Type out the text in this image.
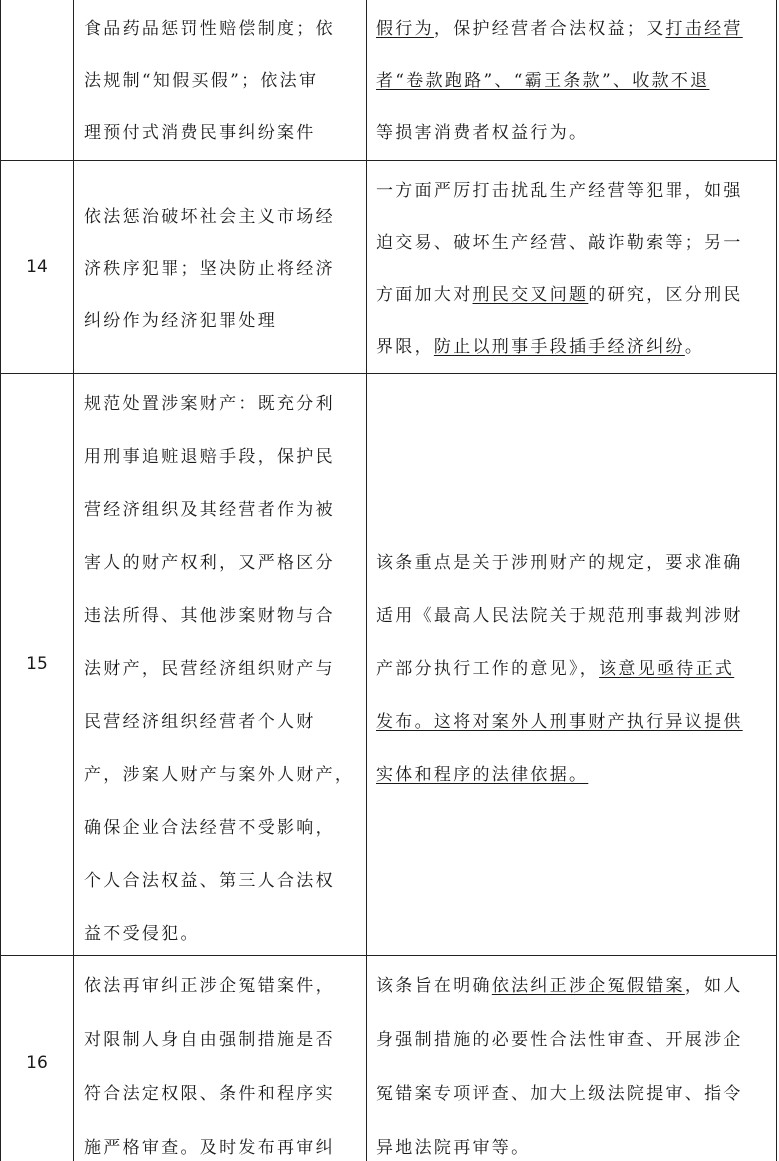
食品药品惩罚性赔偿制度；依
法规制“知假买假”；依法审
理预付式消费民事纠纷案件
假行为，保护经营者合法权益；又打击经营
者“卷款跑路”、“霸王条款”、收款不退
等损害消费者权益行为。
14
依法惩治破坏社会主义市场经
济秩序犯罪；坚决防止将经济
纠纷作为经济犯罪处理
一方面严厉打击扰乱生产经营等犯罪，如强
迫交易、破坏生产经营、敲诈勒索等；另一
方面加大对刑民交叉问题的研究，区分刑民
界限，防止以刑事手段插手经济纠纷。
15
规范处置涉案财产：既充分利
用刑事追赃退赔手段，保护民
营经济组织及其经营者作为被
害人的财产权利，又严格区分
违法所得、其他涉案财物与合
法财产，民营经济组织财产与
民营经济组织经营者个人财
产，涉案人财产与案外人财产，
确保企业合法经营不受影响，
个人合法权益、第三人合法权
益不受侵犯。
该条重点是关于涉刑财产的规定，要求准确
适用《最高人民法院关于规范刑事裁判涉财
产部分执行工作的意见》，该意见亟待正式
发布。这将对案外人刑事财产执行异议提供
实体和程序的法律依据。
16
依法再审纠正涉企冤错案件，
对限制人身自由强制措施是否
符合法定权限、条件和程序实
施严格审查。及时发布再审纠
该条旨在明确依法纠正涉企冤假错案，如人
身强制措施的必要性合法性审查、开展涉企
冤错案专项评查、加大上级法院提审、指令
异地法院再审等。
